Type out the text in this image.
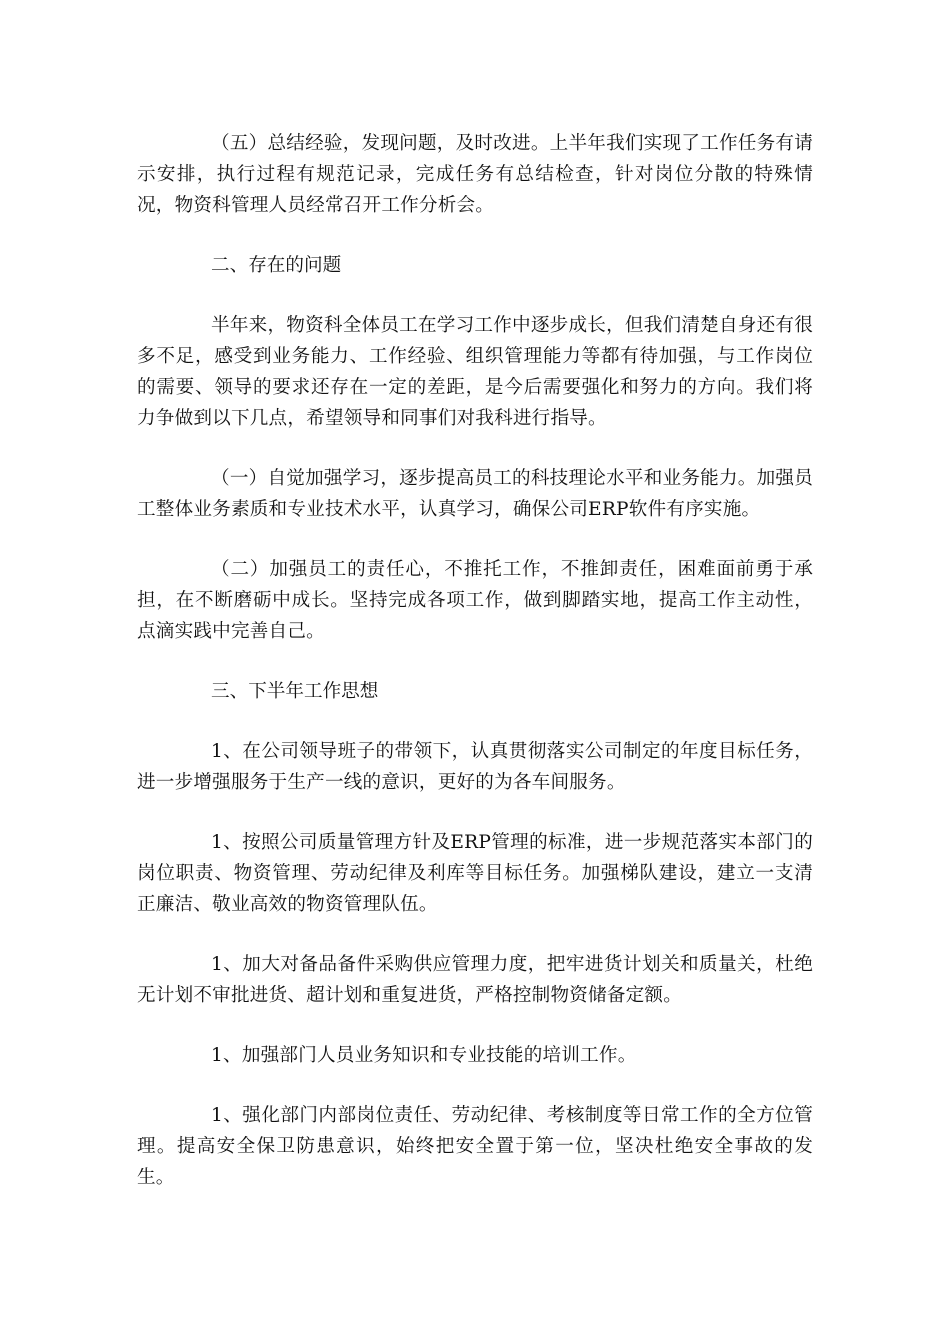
（五）总结经验，发现问题，及时改进。上半年我们实现了工作任务有请示安排，执行过程有规范记录，完成任务有总结检查，针对岗位分散的特殊情况，物资科管理人员经常召开工作分析会。

二、存在的问题

半年来，物资科全体员工在学习工作中逐步成长，但我们清楚自身还有很多不足，感受到业务能力、工作经验、组织管理能力等都有待加强，与工作岗位的需要、领导的要求还存在一定的差距，是今后需要强化和努力的方向。我们将力争做到以下几点，希望领导和同事们对我科进行指导。

（一）自觉加强学习，逐步提高员工的科技理论水平和业务能力。加强员工整体业务素质和专业技术水平，认真学习，确保公司ERP软件有序实施。

（二）加强员工的责任心，不推托工作，不推卸责任，困难面前勇于承担，在不断磨砺中成长。坚持完成各项工作，做到脚踏实地，提高工作主动性，点滴实践中完善自己。

三、下半年工作思想

1、在公司领导班子的带领下，认真贯彻落实公司制定的年度目标任务，进一步增强服务于生产一线的意识，更好的为各车间服务。

1、按照公司质量管理方针及ERP管理的标准，进一步规范落实本部门的岗位职责、物资管理、劳动纪律及利库等目标任务。加强梯队建设，建立一支清正廉洁、敬业高效的物资管理队伍。

1、加大对备品备件采购供应管理力度，把牢进货计划关和质量关，杜绝无计划不审批进货、超计划和重复进货，严格控制物资储备定额。

1、加强部门人员业务知识和专业技能的培训工作。

1、强化部门内部岗位责任、劳动纪律、考核制度等日常工作的全方位管理。提高安全保卫防患意识，始终把安全置于第一位，坚决杜绝安全事故的发生。
